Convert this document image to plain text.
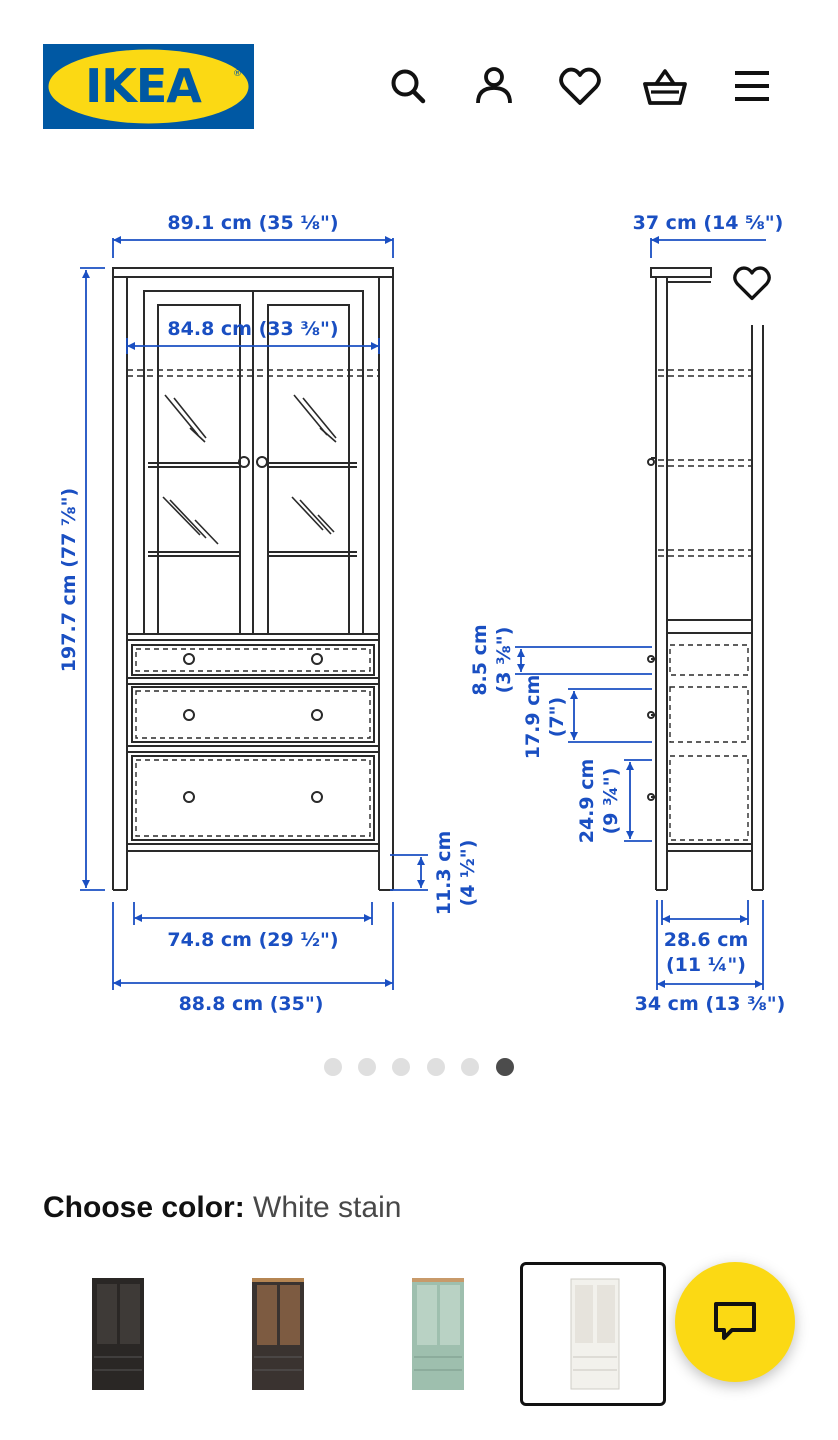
IKEA	®
89.1 cm (35 ⅛")
84.8 cm (33 ⅜")
197.7 cm (77 ⅞")
74.8 cm (29 ½")
88.8 cm (35")
11.3 cm (4 ½")
37 cm (14 ⅝")
8.5 cm (3 ⅜")
17.9 cm (7")
24.9 cm (9 ¾")
28.6 cm
(11 ¼")
34 cm (13 ⅜")
Choose color: White stain
